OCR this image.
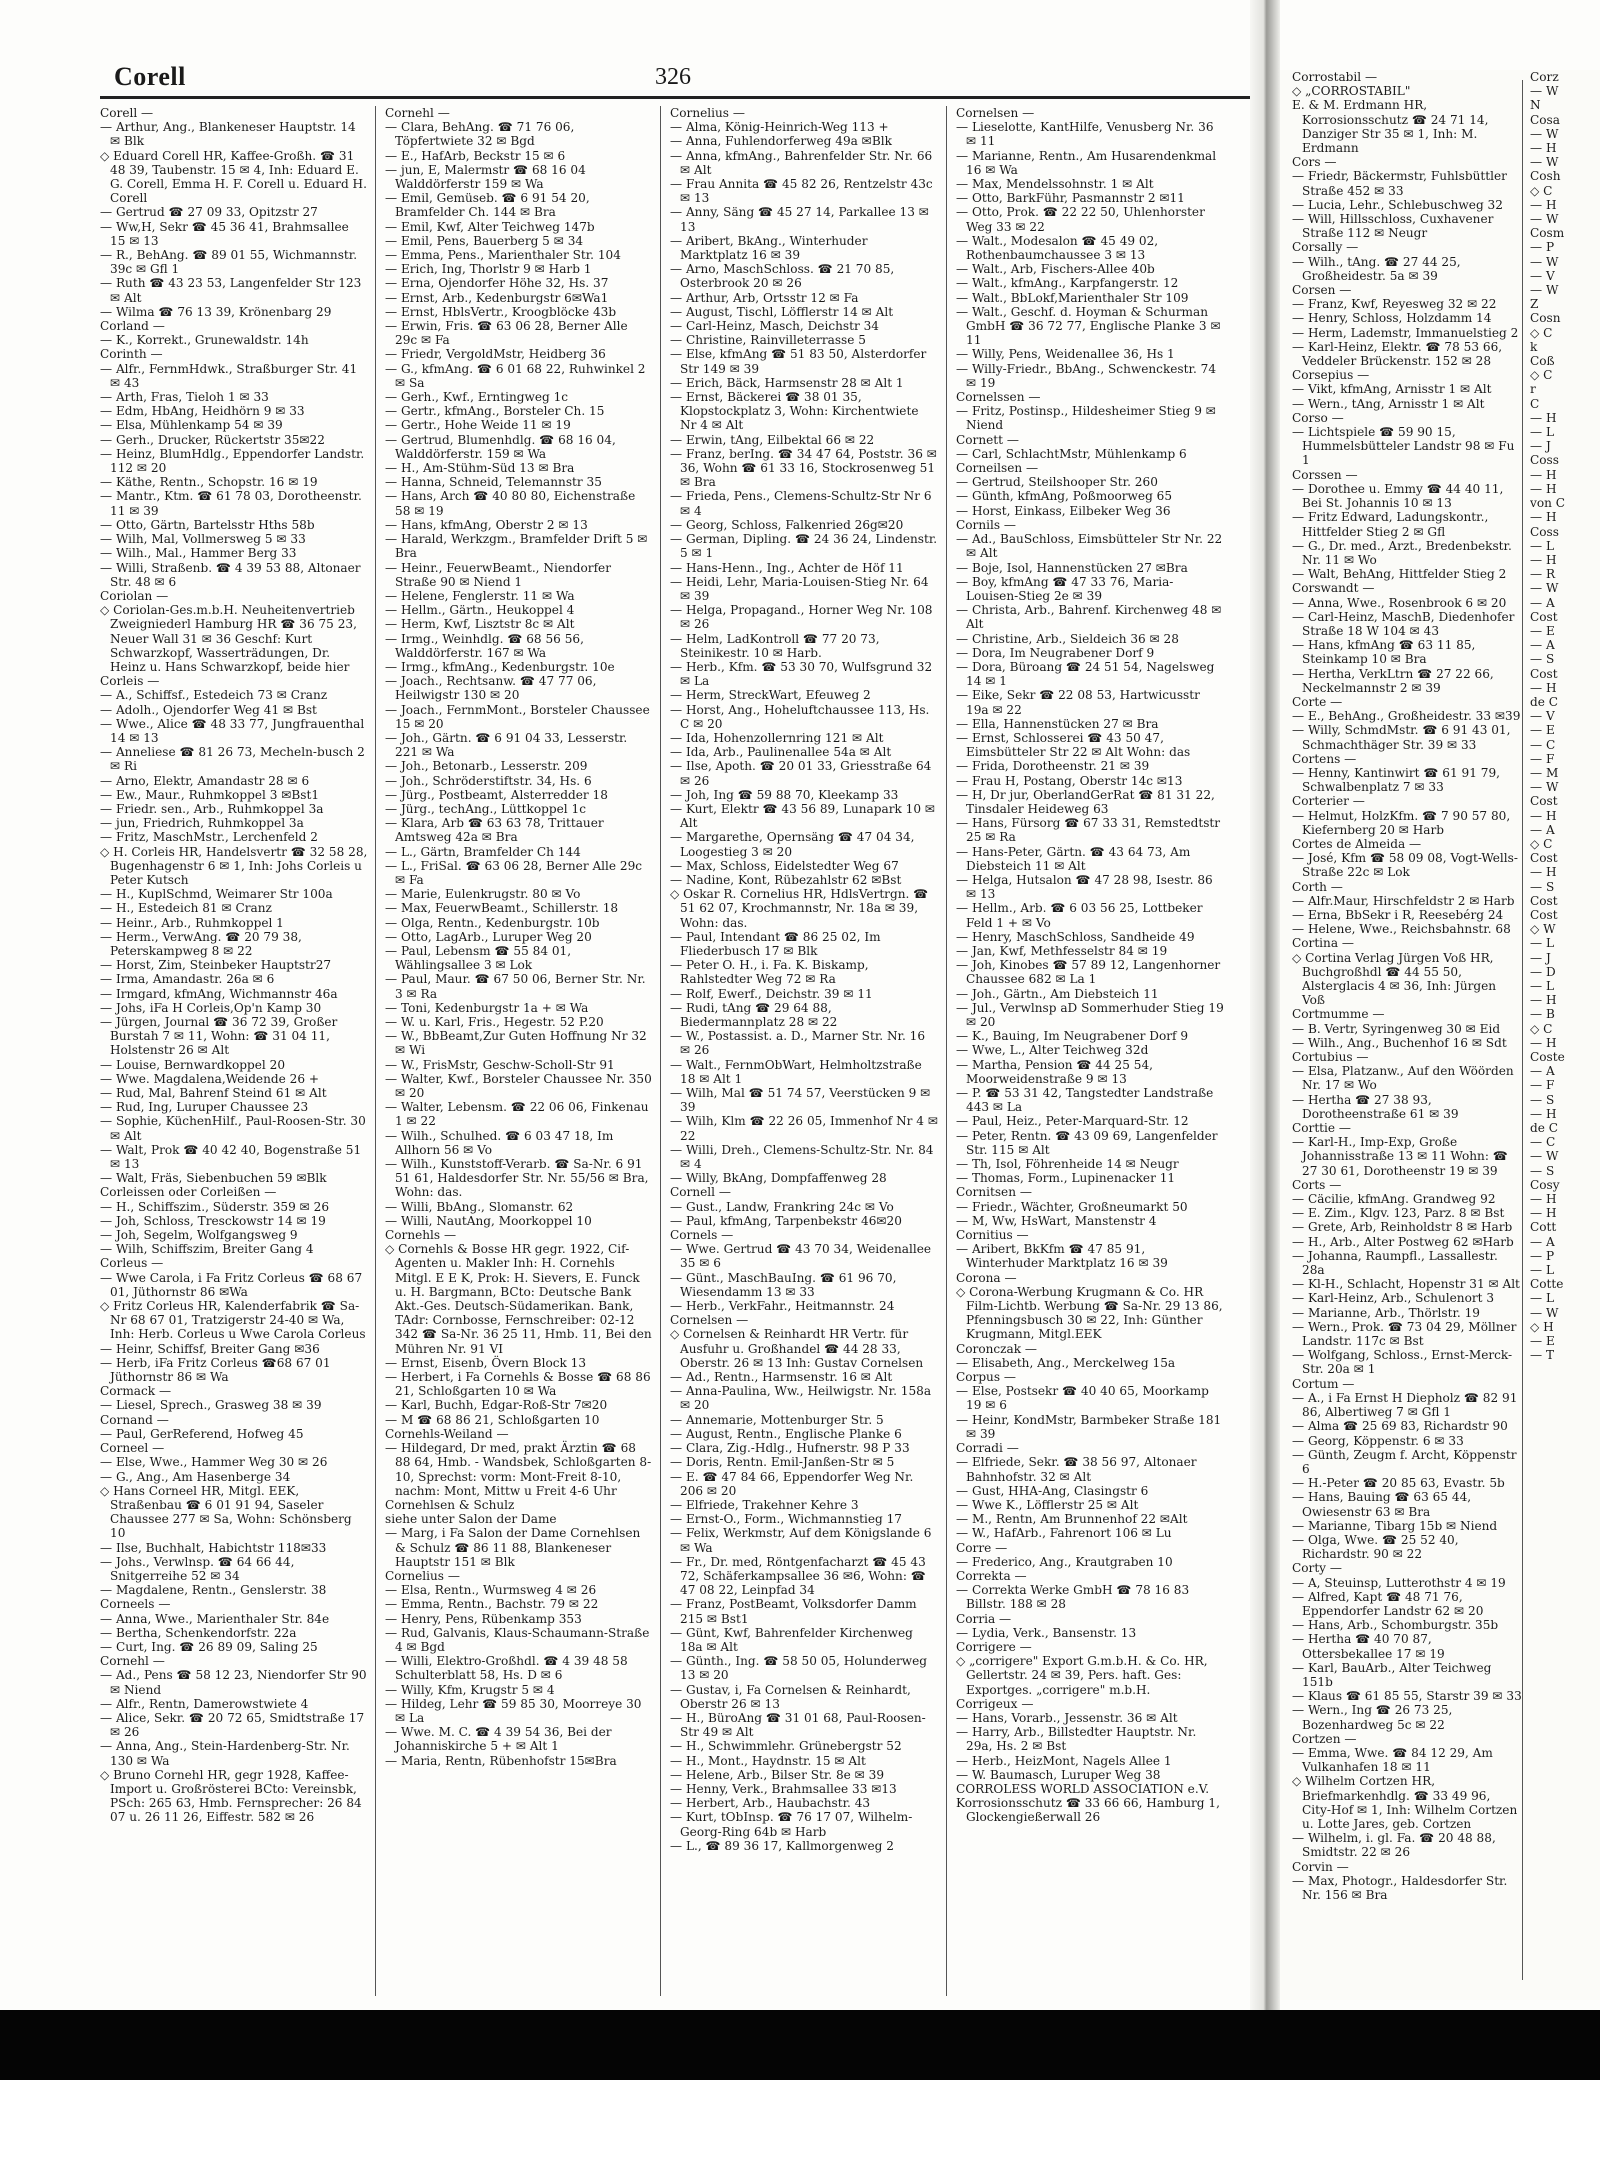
Corell	326

Corell —

— Arthur, Ang., Blankeneser Hauptstr. 14 ✉ Blk

◇ Eduard Corell HR, Kaffee-Großh. ☎ 31 48 39, Taubenstr. 15 ✉ 4, Inh: Eduard E. G. Corell, Emma H. F. Corell u. Eduard H. Corell

— Gertrud ☎ 27 09 33, Opitzstr 27

— Ww,H, Sekr ☎ 45 36 41, Brahmsallee 15 ✉ 13

— R., BehAng. ☎ 89 01 55, Wichmannstr. 39c ✉ Gfl 1

— Ruth ☎ 43 23 53, Langenfelder Str 123 ✉ Alt

— Wilma ☎ 76 13 39, Krönenbarg 29

Corland —

— K., Korrekt., Grunewaldstr. 14h

Corinth —

— Alfr., FernmHdwk., Straßburger Str. 41 ✉ 43

— Arth, Fras, Tieloh 1 ✉ 33

— Edm, HbAng, Heidhörn 9 ✉ 33

— Elsa, Mühlenkamp 54 ✉ 39

— Gerh., Drucker, Rückertstr 35✉22

— Heinz, BlumHdlg., Eppendorfer Landstr. 112 ✉ 20

— Käthe, Rentn., Schopstr. 16 ✉ 19

— Mantr., Ktm. ☎ 61 78 03, Dorotheenstr. 11 ✉ 39

— Otto, Gärtn, Bartelsstr Hths 58b

— Wilh, Mal, Vollmersweg 5 ✉ 33

— Wilh., Mal., Hammer Berg 33

— Willi, Straßenb. ☎ 4 39 53 88, Altonaer Str. 48 ✉ 6

Coriolan —

◇ Coriolan-Ges.m.b.H. Neuheitenvertrieb Zweigniederl Hamburg HR ☎ 36 75 23, Neuer Wall 31 ✉ 36 Geschf: Kurt Schwarzkopf, Wasserträdungen, Dr. Heinz u. Hans Schwarzkopf, beide hier

Corleis —

— A., Schiffsf., Estedeich 73 ✉ Cranz

— Adolh., Ojendorfer Weg 41 ✉ Bst

— Wwe., Alice ☎ 48 33 77, Jungfrauenthal 14 ✉ 13

— Anneliese ☎ 81 26 73, Mecheln-busch 2 ✉ Ri

— Arno, Elektr, Amandastr 28 ✉ 6

— Ew., Maur., Ruhmkoppel 3 ✉Bst1

— Friedr. sen., Arb., Ruhmkoppel 3a

— jun, Friedrich, Ruhmkoppel 3a

— Fritz, MaschMstr., Lerchenfeld 2

◇ H. Corleis HR, Handelsvertr ☎ 32 58 28, Bugenhagenstr 6 ✉ 1, Inh: Johs Corleis u Peter Kutsch

— H., KuplSchmd, Weimarer Str 100a

— H., Estedeich 81 ✉ Cranz

— Heinr., Arb., Ruhmkoppel 1

— Herm., VerwAng. ☎ 20 79 38, Peterskampweg 8 ✉ 22

— Horst, Zim, Steinbeker Hauptstr27

— Irma, Amandastr. 26a ✉ 6

— Irmgard, kfmAng, Wichmannstr 46a

— Johs, iFa H Corleis,Op'n Kamp 30

— Jürgen, Journal ☎ 36 72 39, Großer Burstah 7 ✉ 11, Wohn: ☎ 31 04 11, Holstenstr 26 ✉ Alt

— Louise, Bernwardkoppel 20

— Wwe. Magdalena,Weidende 26 +

— Rud, Mal, Bahrenf Steind 61 ✉ Alt

— Rud, Ing, Luruper Chaussee 23

— Sophie, KüchenHilf., Paul-Roosen-Str. 30 ✉ Alt

— Walt, Prok ☎ 40 42 40, Bogenstraße 51 ✉ 13

— Walt, Fräs, Siebenbuchen 59 ✉Blk

Corleissen oder Corleißen —

— H., Schiffszim., Süderstr. 359 ✉ 26

— Joh, Schloss, Tresckowstr 14 ✉ 19

— Joh, Segelm, Wolfgangsweg 9

— Wilh, Schiffszim, Breiter Gang 4

Corleus —

— Wwe Carola, i Fa Fritz Corleus ☎ 68 67 01, Jüthornstr 86 ✉Wa

◇ Fritz Corleus HR, Kalenderfabrik ☎ Sa-Nr 68 67 01, Tratzigerstr 24-40 ✉ Wa, Inh: Herb. Corleus u Wwe Carola Corleus

— Heinr, Schiffsf, Breiter Gang ✉36

— Herb, iFa Fritz Corleus ☎68 67 01 Jüthornstr 86 ✉ Wa

Cormack —

— Liesel, Sprech., Grasweg 38 ✉ 39

Cornand —

— Paul, GerReferend, Hofweg 45

Corneel —

— Else, Wwe., Hammer Weg 30 ✉ 26

— G., Ang., Am Hasenberge 34

◇ Hans Corneel HR, Mitgl. EEK, Straßenbau ☎ 6 01 91 94, Saseler Chaussee 277 ✉ Sa, Wohn: Schönsberg 10

— Ilse, Buchhalt, Habichtstr 118✉33

— Johs., Verwlnsp. ☎ 64 66 44, Snitgerreihe 52 ✉ 34

— Magdalene, Rentn., Genslerstr. 38

Corneels —

— Anna, Wwe., Marienthaler Str. 84e

— Bertha, Schenkendorfstr. 22a

— Curt, Ing. ☎ 26 89 09, Saling 25

Cornehl —

— Ad., Pens ☎ 58 12 23, Niendorfer Str 90 ✉ Niend

— Alfr., Rentn, Damerowstwiete 4

— Alice, Sekr. ☎ 20 72 65, Smidtstraße 17 ✉ 26

— Anna, Ang., Stein-Hardenberg-Str. Nr. 130 ✉ Wa

◇ Bruno Cornehl HR, gegr 1928, Kaffee-Import u. Großrösterei BCto: Vereinsbk, PSch: 265 63, Hmb. Fernsprecher: 26 84 07 u. 26 11 26, Eiffestr. 582 ✉ 26

Cornehl —

— Clara, BehAng. ☎ 71 76 06, Töpfertwiete 32 ✉ Bgd

— E., HafArb, Beckstr 15 ✉ 6

— jun, E, Malermstr ☎ 68 16 04 Walddörferstr 159 ✉ Wa

— Emil, Gemüseb. ☎ 6 91 54 20, Bramfelder Ch. 144 ✉ Bra

— Emil, Kwf, Alter Teichweg 147b

— Emil, Pens, Bauerberg 5 ✉ 34

— Emma, Pens., Marienthaler Str. 104

— Erich, Ing, Thorlstr 9 ✉ Harb 1

— Erna, Ojendorfer Höhe 32, Hs. 37

— Ernst, Arb., Kedenburgstr 6✉Wa1

— Ernst, HblsVertr., Kroogblöcke 43b

— Erwin, Fris. ☎ 63 06 28, Berner Alle 29c ✉ Fa

— Friedr, VergoldMstr, Heidberg 36

— G., kfmAng. ☎ 6 01 68 22, Ruhwinkel 2 ✉ Sa

— Gerh., Kwf., Erntingweg 1c

— Gertr., kfmAng., Borsteler Ch. 15

— Gertr., Hohe Weide 11 ✉ 19

— Gertrud, Blumenhdlg. ☎ 68 16 04, Walddörferstr. 159 ✉ Wa

— H., Am-Stühm-Süd 13 ✉ Bra

— Hanna, Schneid, Telemannstr 35

— Hans, Arch ☎ 40 80 80, Eichenstraße 58 ✉ 19

— Hans, kfmAng, Oberstr 2 ✉ 13

— Harald, Werkzgm., Bramfelder Drift 5 ✉ Bra

— Heinr., FeuerwBeamt., Niendorfer Straße 90 ✉ Niend 1

— Helene, Fenglerstr. 11 ✉ Wa

— Hellm., Gärtn., Heukoppel 4

— Herm, Kwf, Lisztstr 8c ✉ Alt

— Irmg., Weinhdlg. ☎ 68 56 56, Walddörferstr. 167 ✉ Wa

— Irmg., kfmAng., Kedenburgstr. 10e

— Joach., Rechtsanw. ☎ 47 77 06, Heilwigstr 130 ✉ 20

— Joach., FernmMont., Borsteler Chaussee 15 ✉ 20

— Joh., Gärtn. ☎ 6 91 04 33, Lesserstr. 221 ✉ Wa

— Joh., Betonarb., Lesserstr. 209

— Joh., Schröderstiftstr. 34, Hs. 6

— Jürg., Postbeamt, Alsterredder 18

— Jürg., techAng., Lüttkoppel 1c

— Klara, Arb ☎ 63 63 78, Trittauer Amtsweg 42a ✉ Bra

— L., Gärtn, Bramfelder Ch 144

— L., FriSal. ☎ 63 06 28, Berner Alle 29c ✉ Fa

— Marie, Eulenkrugstr. 80 ✉ Vo

— Max, FeuerwBeamt., Schillerstr. 18

— Olga, Rentn., Kedenburgstr. 10b

— Otto, LagArb., Luruper Weg 20

— Paul, Lebensm ☎ 55 84 01, Wählingsallee 3 ✉ Lok

— Paul, Maur. ☎ 67 50 06, Berner Str. Nr. 3 ✉ Ra

— Toni, Kedenburgstr 1a + ✉ Wa

— W. u. Karl, Fris., Hegestr. 52 P.20

— W., BbBeamt,Zur Guten Hoffnung Nr 32 ✉ Wi

— W., FrisMstr, Geschw-Scholl-Str 91

— Walter, Kwf., Borsteler Chaussee Nr. 350 ✉ 20

— Walter, Lebensm. ☎ 22 06 06, Finkenau 1 ✉ 22

— Wilh., Schulhed. ☎ 6 03 47 18, Im Allhorn 56 ✉ Vo

— Wilh., Kunststoff-Verarb. ☎ Sa-Nr. 6 91 51 61, Haldesdorfer Str. Nr. 55/56 ✉ Bra, Wohn: das.

— Willi, BbAng., Slomanstr. 62

— Willi, NautAng, Moorkoppel 10

Cornehls —

◇ Cornehls & Bosse HR gegr. 1922, Cif-Agenten u. Makler Inh: H. Cornehls Mitgl. E E K, Prok: H. Sievers, E. Funck u. H. Bargmann, BCto: Deutsche Bank Akt.-Ges. Deutsch-Südamerikan. Bank, TAdr: Cornbosse, Fernschreiber: 02-12 342 ☎ Sa-Nr. 36 25 11, Hmb. 11, Bei den Mühren Nr. 91 VI

— Ernst, Eisenb, Övern Block 13

— Herbert, i Fa Cornehls & Bosse ☎ 68 86 21, Schloßgarten 10 ✉ Wa

— Karl, Buchh, Edgar-Roß-Str 7✉20

— M ☎ 68 86 21, Schloßgarten 10

Cornehls-Weiland —

— Hildegard, Dr med, prakt Ärztin ☎ 68 88 64, Hmb. - Wandsbek, Schloßgarten 8-10, Sprechst: vorm: Mont-Freit 8-10, nachm: Mont, Mittw u Freit 4-6 Uhr

Cornehlsen & Schulz

siehe unter Salon der Dame

— Marg, i Fa Salon der Dame Cornehlsen & Schulz ☎ 86 11 88, Blankeneser Hauptstr 151 ✉ Blk

Cornelius —

— Elsa, Rentn., Wurmsweg 4 ✉ 26

— Emma, Rentn., Bachstr. 79 ✉ 22

— Henry, Pens, Rübenkamp 353

— Rud, Galvanis, Klaus-Schaumann-Straße 4 ✉ Bgd

— Willi, Elektro-Großhdl. ☎ 4 39 48 58 Schulterblatt 58, Hs. D ✉ 6

— Willy, Kfm, Krugstr 5 ✉ 4

— Hildeg, Lehr ☎ 59 85 30, Moorreye 30 ✉ La

— Wwe. M. C. ☎ 4 39 54 36, Bei der Johanniskirche 5 + ✉ Alt 1

— Maria, Rentn, Rübenhofstr 15✉Bra

Cornelius —

— Alma, König-Heinrich-Weg 113 +

— Anna, Fuhlendorferweg 49a ✉Blk

— Anna, kfmAng., Bahrenfelder Str. Nr. 66 ✉ Alt

— Frau Annita ☎ 45 82 26, Rentzelstr 43c ✉ 13

— Anny, Säng ☎ 45 27 14, Parkallee 13 ✉ 13

— Aribert, BkAng., Winterhuder Marktplatz 16 ✉ 39

— Arno, MaschSchloss. ☎ 21 70 85, Osterbrook 20 ✉ 26

— Arthur, Arb, Ortsstr 12 ✉ Fa

— August, Tischl, Löfflerstr 14 ✉ Alt

— Carl-Heinz, Masch, Deichstr 34

— Christine, Rainvilleterrasse 5

— Else, kfmAng ☎ 51 83 50, Alsterdorfer Str 149 ✉ 39

— Erich, Bäck, Harmsenstr 28 ✉ Alt 1

— Ernst, Bäckerei ☎ 38 01 35, Klopstockplatz 3, Wohn: Kirchentwiete Nr 4 ✉ Alt

— Erwin, tAng, Eilbektal 66 ✉ 22

— Franz, berIng. ☎ 34 47 64, Poststr. 36 ✉ 36, Wohn ☎ 61 33 16, Stockrosenweg 51 ✉ Bra

— Frieda, Pens., Clemens-Schultz-Str Nr 6 ✉ 4

— Georg, Schloss, Falkenried 26g✉20

— German, Dipling. ☎ 24 36 24, Lindenstr. 5 ✉ 1

— Hans-Henn., Ing., Achter de Höf 11

— Heidi, Lehr, Maria-Louisen-Stieg Nr. 64 ✉ 39

— Helga, Propagand., Horner Weg Nr. 108 ✉ 26

— Helm, LadKontroll ☎ 77 20 73, Steinikestr. 10 ✉ Harb.

— Herb., Kfm. ☎ 53 30 70, Wulfsgrund 32 ✉ La

— Herm, StreckWart, Efeuweg 2

— Horst, Ang., Hoheluftchaussee 113, Hs. C ✉ 20

— Ida, Hohenzollernring 121 ✉ Alt

— Ida, Arb., Paulinenallee 54a ✉ Alt

— Ilse, Apoth. ☎ 20 01 33, Griesstraße 64 ✉ 26

— Joh, Ing ☎ 59 88 70, Kleekamp 33

— Kurt, Elektr ☎ 43 56 89, Lunapark 10 ✉ Alt

— Margarethe, Opernsäng ☎ 47 04 34, Loogestieg 3 ✉ 20

— Max, Schloss, Eidelstedter Weg 67

— Nadine, Kont, Rübezahlstr 62 ✉Bst

◇ Oskar R. Cornelius HR, HdlsVertrgn. ☎ 51 62 07, Krochmannstr, Nr. 18a ✉ 39, Wohn: das.

— Paul, Intendant ☎ 86 25 02, Im Fliederbusch 17 ✉ Blk

— Peter O. H., i. Fa. K. Biskamp, Rahlstedter Weg 72 ✉ Ra

— Rolf, Ewerf., Deichstr. 39 ✉ 11

— Rudi, tAng ☎ 29 64 88, Biedermannplatz 28 ✉ 22

— W., Postassist. a. D., Marner Str. Nr. 16 ✉ 26

— Walt., FernmObWart, Helmholtzstraße 18 ✉ Alt 1

— Wilh, Mal ☎ 51 74 57, Veerstücken 9 ✉ 39

— Wilh, Klm ☎ 22 26 05, Immenhof Nr 4 ✉ 22

— Willi, Dreh., Clemens-Schultz-Str. Nr. 84 ✉ 4

— Willy, BkAng, Dompfaffenweg 28

Cornell —

— Gust., Landw, Frankring 24c ✉ Vo

— Paul, kfmAng, Tarpenbekstr 46✉20

Cornels —

— Wwe. Gertrud ☎ 43 70 34, Weidenallee 35 ✉ 6

— Günt., MaschBauIng. ☎ 61 96 70, Wiesendamm 13 ✉ 33

— Herb., VerkFahr., Heitmannstr. 24

Cornelsen —

◇ Cornelsen & Reinhardt HR Vertr. für Ausfuhr u. Großhandel ☎ 44 28 33, Oberstr. 26 ✉ 13 Inh: Gustav Cornelsen

— Ad., Rentn., Harmsenstr. 16 ✉ Alt

— Anna-Paulina, Ww., Heilwigstr. Nr. 158a ✉ 20

— Annemarie, Mottenburger Str. 5

— August, Rentn., Englische Planke 6

— Clara, Zig.-Hdlg., Hufnerstr. 98 P 33

— Doris, Rentn. Emil-Janßen-Str ✉ 5

— E. ☎ 47 84 66, Eppendorfer Weg Nr. 206 ✉ 20

— Elfriede, Trakehner Kehre 3

— Ernst-O., Form., Wichmannstieg 17

— Felix, Werkmstr, Auf dem Königslande 6 ✉ Wa

— Fr., Dr. med, Röntgenfacharzt ☎ 45 43 72, Schäferkampsallee 36 ✉6, Wohn: ☎ 47 08 22, Leinpfad 34

— Franz, PostBeamt, Volksdorfer Damm 215 ✉ Bst1

— Günt, Kwf, Bahrenfelder Kirchenweg 18a ✉ Alt

— Günth., Ing. ☎ 58 50 05, Holunderweg 13 ✉ 20

— Gustav, i, Fa Cornelsen & Reinhardt, Oberstr 26 ✉ 13

— H., BüroAng ☎ 31 01 68, Paul-Roosen-Str 49 ✉ Alt

— H., Schwimmlehr. Grünebergstr 52

— H., Mont., Haydnstr. 15 ✉ Alt

— Helene, Arb., Bilser Str. 8e ✉ 39

— Henny, Verk., Brahmsallee 33 ✉13

— Herbert, Arb., Haubachstr. 43

— Kurt, tObInsp. ☎ 76 17 07, Wilhelm-Georg-Ring 64b ✉ Harb

— L., ☎ 89 36 17, Kallmorgenweg 2

Cornelsen —

— Lieselotte, KantHilfe, Venusberg Nr. 36 ✉ 11

— Marianne, Rentn., Am Husarendenkmal 16 ✉ Wa

— Max, Mendelssohnstr. 1 ✉ Alt

— Otto, BarkFühr, Pasmannstr 2 ✉11

— Otto, Prok. ☎ 22 22 50, Uhlenhorster Weg 33 ✉ 22

— Walt., Modesalon ☎ 45 49 02, Rothenbaumchaussee 3 ✉ 13

— Walt., Arb, Fischers-Allee 40b

— Walt., kfmAng., Karpfangerstr. 12

— Walt., BbLokf,Marienthaler Str 109

— Walt., Geschf. d. Hoyman & Schurman GmbH ☎ 36 72 77, Englische Planke 3 ✉ 11

— Willy, Pens, Weidenallee 36, Hs 1

— Willy-Friedr., BbAng., Schwenckestr. 74 ✉ 19

Cornelssen —

— Fritz, Postinsp., Hildesheimer Stieg 9 ✉ Niend

Cornett —

— Carl, SchlachtMstr, Mühlenkamp 6

Corneilsen —

— Gertrud, Steilshooper Str. 260

— Günth, kfmAng, Poßmoorweg 65

— Horst, Einkass, Eilbeker Weg 36

Cornils —

— Ad., BauSchloss, Eimsbütteler Str Nr. 22 ✉ Alt

— Boje, Isol, Hannenstücken 27 ✉Bra

— Boy, kfmAng ☎ 47 33 76, Maria-Louisen-Stieg 2e ✉ 39

— Christa, Arb., Bahrenf. Kirchenweg 48 ✉ Alt

— Christine, Arb., Sieldeich 36 ✉ 28

— Dora, Im Neugrabener Dorf 9

— Dora, Büroang ☎ 24 51 54, Nagelsweg 14 ✉ 1

— Eike, Sekr ☎ 22 08 53, Hartwicusstr 19a ✉ 22

— Ella, Hannenstücken 27 ✉ Bra

— Ernst, Schlosserei ☎ 43 50 47, Eimsbütteler Str 22 ✉ Alt Wohn: das

— Frida, Dorotheenstr. 21 ✉ 39

— Frau H, Postang, Oberstr 14c ✉13

— H, Dr jur, OberlandGerRat ☎ 81 31 22, Tinsdaler Heideweg 63

— Hans, Fürsorg ☎ 67 33 31, Remstedtstr 25 ✉ Ra

— Hans-Peter, Gärtn. ☎ 43 64 73, Am Diebsteich 11 ✉ Alt

— Helga, Hutsalon ☎ 47 28 98, Isestr. 86 ✉ 13

— Hellm., Arb. ☎ 6 03 56 25, Lottbeker Feld 1 + ✉ Vo

— Henry, MaschSchloss, Sandheide 49

— Jan, Kwf, Methfesselstr 84 ✉ 19

— Joh, Kinobes ☎ 57 89 12, Langenhorner Chaussee 682 ✉ La 1

— Joh., Gärtn., Am Diebsteich 11

— Jul., Verwlnsp aD Sommerhuder Stieg 19 ✉ 20

— K., Bauing, Im Neugrabener Dorf 9

— Wwe, L., Alter Teichweg 32d

— Martha, Pension ☎ 44 25 54, Moorweidenstraße 9 ✉ 13

— P. ☎ 53 31 42, Tangstedter Landstraße 443 ✉ La

— Paul, Heiz., Peter-Marquard-Str. 12

— Peter, Rentn. ☎ 43 09 69, Langenfelder Str. 115 ✉ Alt

— Th, Isol, Föhrenheide 14 ✉ Neugr

— Thomas, Form., Lupinenacker 11

Cornitsen —

— Friedr., Wächter, Großneumarkt 50

— M, Ww, HsWart, Manstenstr 4

Cornitius —

— Aribert, BkKfm ☎ 47 85 91, Winterhuder Marktplatz 16 ✉ 39

Corona —

◇ Corona-Werbung Krugmann & Co. HR Film-Lichtb. Werbung ☎ Sa-Nr. 29 13 86, Pfenningsbusch 30 ✉ 22, Inh: Günther Krugmann, Mitgl.EEK

Coronczak —

— Elisabeth, Ang., Merckelweg 15a

Corpus —

— Else, Postsekr ☎ 40 40 65, Moorkamp 19 ✉ 6

— Heinr, KondMstr, Barmbeker Straße 181 ✉ 39

Corradi —

— Elfriede, Sekr. ☎ 38 56 97, Altonaer Bahnhofstr. 32 ✉ Alt

— Gust, HHA-Ang, Clasingstr 6

— Wwe K., Löfflerstr 25 ✉ Alt

— M., Rentn, Am Brunnenhof 22 ✉Alt

— W., HafArb., Fahrenort 106 ✉ Lu

Corre —

— Frederico, Ang., Krautgraben 10

Correkta —

— Correkta Werke GmbH ☎ 78 16 83 Billstr. 188 ✉ 28

Corria —

— Lydia, Verk., Bansenstr. 13

Corrigere —

◇ „corrigere" Export G.m.b.H. & Co. HR, Gellertstr. 24 ✉ 39, Pers. haft. Ges: Exportges. „corrigere" m.b.H.

Corrigeux —

— Hans, Vorarb., Jessenstr. 36 ✉ Alt

— Harry, Arb., Billstedter Hauptstr. Nr. 29a, Hs. 2 ✉ Bst

— Herb., HeizMont, Nagels Allee 1

— W. Baumasch, Luruper Weg 38

CORROLESS WORLD ASSOCIATION e.V.

Korrosionsschutz ☎ 33 66 66, Hamburg 1, Glockengießerwall 26

Corrostabil —

◇ „CORROSTABIL"

E. & M. Erdmann HR, Korrosionsschutz ☎ 24 71 14, Danziger Str 35 ✉ 1, Inh: M. Erdmann

Cors —

— Friedr, Bäckermstr, Fuhlsbüttler Straße 452 ✉ 33

— Lucia, Lehr., Schlebuschweg 32

— Will, Hillsschloss, Cuxhavener Straße 112 ✉ Neugr

Corsally —

— Wilh., tAng. ☎ 27 44 25, Großheidestr. 5a ✉ 39

Corsen —

— Franz, Kwf, Reyesweg 32 ✉ 22

— Henry, Schloss, Holzdamm 14

— Herm, Lademstr, Immanuelstieg 2

— Karl-Heinz, Elektr. ☎ 78 53 66, Veddeler Brückenstr. 152 ✉ 28

Corsepius —

— Vikt, kfmAng, Arnisstr 1 ✉ Alt

— Wern., tAng, Arnisstr 1 ✉ Alt

Corso —

— Lichtspiele ☎ 59 90 15, Hummelsbütteler Landstr 98 ✉ Fu 1

Corssen —

— Dorothee u. Emmy ☎ 44 40 11, Bei St. Johannis 10 ✉ 13

— Fritz Edward, Ladungskontr., Hittfelder Stieg 2 ✉ Gfl

— G., Dr. med., Arzt., Bredenbekstr. Nr. 11 ✉ Wo

— Walt, BehAng, Hittfelder Stieg 2

Corswandt —

— Anna, Wwe., Rosenbrook 6 ✉ 20

— Carl-Heinz, MaschB, Diedenhofer Straße 18 W 104 ✉ 43

— Hans, kfmAng ☎ 63 11 85, Steinkamp 10 ✉ Bra

— Hertha, VerkLtrn ☎ 27 22 66, Neckelmannstr 2 ✉ 39

Corte —

— E., BehAng., Großheidestr. 33 ✉39

— Willy, SchmdMstr. ☎ 6 91 43 01, Schmachthäger Str. 39 ✉ 33

Cortens —

— Henny, Kantinwirt ☎ 61 91 79, Schwalbenplatz 7 ✉ 33

Corterier —

— Helmut, HolzKfm. ☎ 7 90 57 80, Kiefernberg 20 ✉ Harb

Cortes de Almeida —

— José, Kfm ☎ 58 09 08, Vogt-Wells-Straße 22c ✉ Lok

Corth —

— Alfr.Maur, Hirschfeldstr 2 ✉ Harb

— Erna, BbSekr i R, Reesebérg 24

— Helene, Wwe., Reichsbahnstr. 68

Cortina —

◇ Cortina Verlag Jürgen Voß HR, Buchgroßhdl ☎ 44 55 50, Alsterglacis 4 ✉ 36, Inh: Jürgen Voß

Cortmumme —

— B. Vertr, Syringenweg 30 ✉ Eid

— Wilh., Ang., Buchenhof 16 ✉ Sdt

Cortubius —

— Elsa, Platzanw., Auf den Wöörden Nr. 17 ✉ Wo

— Hertha ☎ 27 38 93, Dorotheenstraße 61 ✉ 39

Corttie —

— Karl-H., Imp-Exp, Große Johannisstraße 13 ✉ 11 Wohn: ☎ 27 30 61, Dorotheenstr 19 ✉ 39

Corts —

— Cäcilie, kfmAng. Grandweg 92

— E. Zim., Klgv. 123, Parz. 8 ✉ Bst

— Grete, Arb, Reinholdstr 8 ✉ Harb

— H., Arb., Alter Postweg 62 ✉Harb

— Johanna, Raumpfl., Lassallestr. 28a

— Kl-H., Schlacht, Hopenstr 31 ✉ Alt

— Karl-Heinz, Arb., Schulenort 3

— Marianne, Arb., Thörlstr. 19

— Wern., Prok. ☎ 73 04 29, Möllner Landstr. 117c ✉ Bst

— Wolfgang, Schloss., Ernst-Merck-Str. 20a ✉ 1

Cortum —

— A., i Fa Ernst H Diepholz ☎ 82 91 86, Albertiweg 7 ✉ Gfl 1

— Alma ☎ 25 69 83, Richardstr 90

— Georg, Köppenstr. 6 ✉ 33

— Günth, Zeugm f. Archt, Köppenstr 6

— H.-Peter ☎ 20 85 63, Evastr. 5b

— Hans, Bauing ☎ 63 65 44, Owiesenstr 63 ✉ Bra

— Marianne, Tibarg 15b ✉ Niend

— Olga, Wwe. ☎ 25 52 40, Richardstr. 90 ✉ 22

Corty —

— A, Steuinsp, Lutterothstr 4 ✉ 19

— Alfred, Kapt ☎ 48 71 76, Eppendorfer Landstr 62 ✉ 20

— Hans, Arb., Schomburgstr. 35b

— Hertha ☎ 40 70 87, Ottersbekallee 17 ✉ 19

— Karl, BauArb., Alter Teichweg 151b

— Klaus ☎ 61 85 55, Starstr 39 ✉ 33

— Wern., Ing ☎ 26 73 25, Bozenhardweg 5c ✉ 22

Cortzen —

— Emma, Wwe. ☎ 84 12 29, Am Vulkanhafen 18 ✉ 11

◇ Wilhelm Cortzen HR, Briefmarkenhdlg. ☎ 33 49 96, City-Hof ✉ 1, Inh: Wilhelm Cortzen u. Lotte Jares, geb. Cortzen

— Wilhelm, i. gl. Fa. ☎ 20 48 88, Smidtstr. 22 ✉ 26

Corvin —

— Max, Photogr., Haldesdorfer Str. Nr. 156 ✉ Bra

Corz

— W

N

Cosa

— W

— H

— W

Cosh

◇ C

— H

— W

Cosm

— P

— W

— V

— W

Z

Cosn

◇ C

k

Coß

◇ C

r

C

— H

— L

— J

Coss

— H

— H

von C

— H

Coss

— L

— H

— R

— W

— A

Cost

— E

— A

— S

Cost

— H

de C

— V

— E

— C

— F

— M

— W

Cost

— H

— A

◇ C

Cost

— H

— S

Cost

Cost

◇ W

— L

— J

— D

— L

— H

— B

◇ C

— H

Coste

— A

— F

— S

— H

de C

— C

— W

— S

Cosy

— H

— H

Cott

— A

— P

— L

Cotte

— L

— W

◇ H

— E

— T
